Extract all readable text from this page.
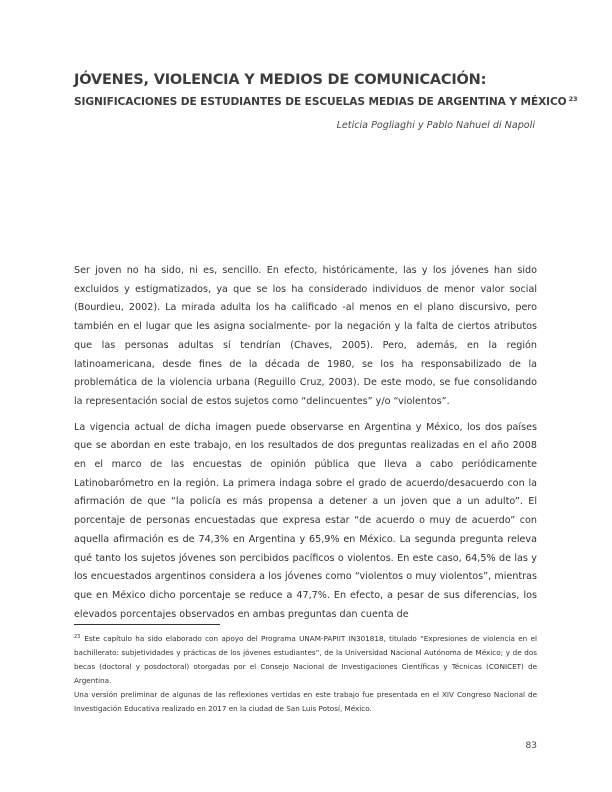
JÓVENES, VIOLENCIA Y MEDIOS DE COMUNICACIÓN:
SIGNIFICACIONES DE ESTUDIANTES DE ESCUELAS MEDIAS DE ARGENTINA Y MÉXICO $^{23}$
Leticia Pogliaghi y Pablo Nahuel di Napoli

Ser joven no ha sido, ni es, sencillo. En efecto, históricamente, las y los jóvenes han sido excluidos y estigmatizados, ya que se los ha considerado individuos de menor valor social (Bourdieu, 2002). La mirada adulta los ha calificado -al menos en el plano discursivo, pero también en el lugar que les asigna socialmente- por la negación y la falta de ciertos atributos que las personas adultas sí tendrían (Chaves, 2005). Pero, además, en la región latinoamericana, desde fines de la década de 1980, se los ha responsabilizado de la problemática de la violencia urbana (Reguillo Cruz, 2003). De este modo, se fue consolidando la representación social de estos sujetos como “delincuentes” y/o “violentos”.

La vigencia actual de dicha imagen puede observarse en Argentina y México, los dos países que se abordan en este trabajo, en los resultados de dos preguntas realizadas en el año 2008 en el marco de las encuestas de opinión pública que lleva a cabo periódicamente Latinobarómetro en la región. La primera indaga sobre el grado de acuerdo/desacuerdo con la afirmación de que “la policía es más propensa a detener a un joven que a un adulto”. El porcentaje de personas encuestadas que expresa estar “de acuerdo o muy de acuerdo” con aquella afirmación es de 74,3% en Argentina y 65,9% en México. La segunda pregunta releva qué tanto los sujetos jóvenes son percibidos pacíficos o violentos. En este caso, 64,5% de las y los encuestados argentinos considera a los jóvenes como “violentos o muy violentos”, mientras que en México dicho porcentaje se reduce a 47,7%. En efecto, a pesar de sus diferencias, los elevados porcentajes observados en ambas preguntas dan cuenta de

$^{23}$ Este capítulo ha sido elaborado con apoyo del Programa UNAM-PAPIIT IN301818, titulado “Expresiones de violencia en el bachillerato: subjetividades y prácticas de los jóvenes estudiantes”, de la Universidad Nacional Autónoma de México; y de dos becas (doctoral y posdoctoral) otorgadas por el Consejo Nacional de Investigaciones Científicas y Técnicas (CONICET) de Argentina.

Una versión preliminar de algunas de las reflexiones vertidas en este trabajo fue presentada en el XIV Congreso Nacional de Investigación Educativa realizado en 2017 en la ciudad de San Luis Potosí, México.

83
